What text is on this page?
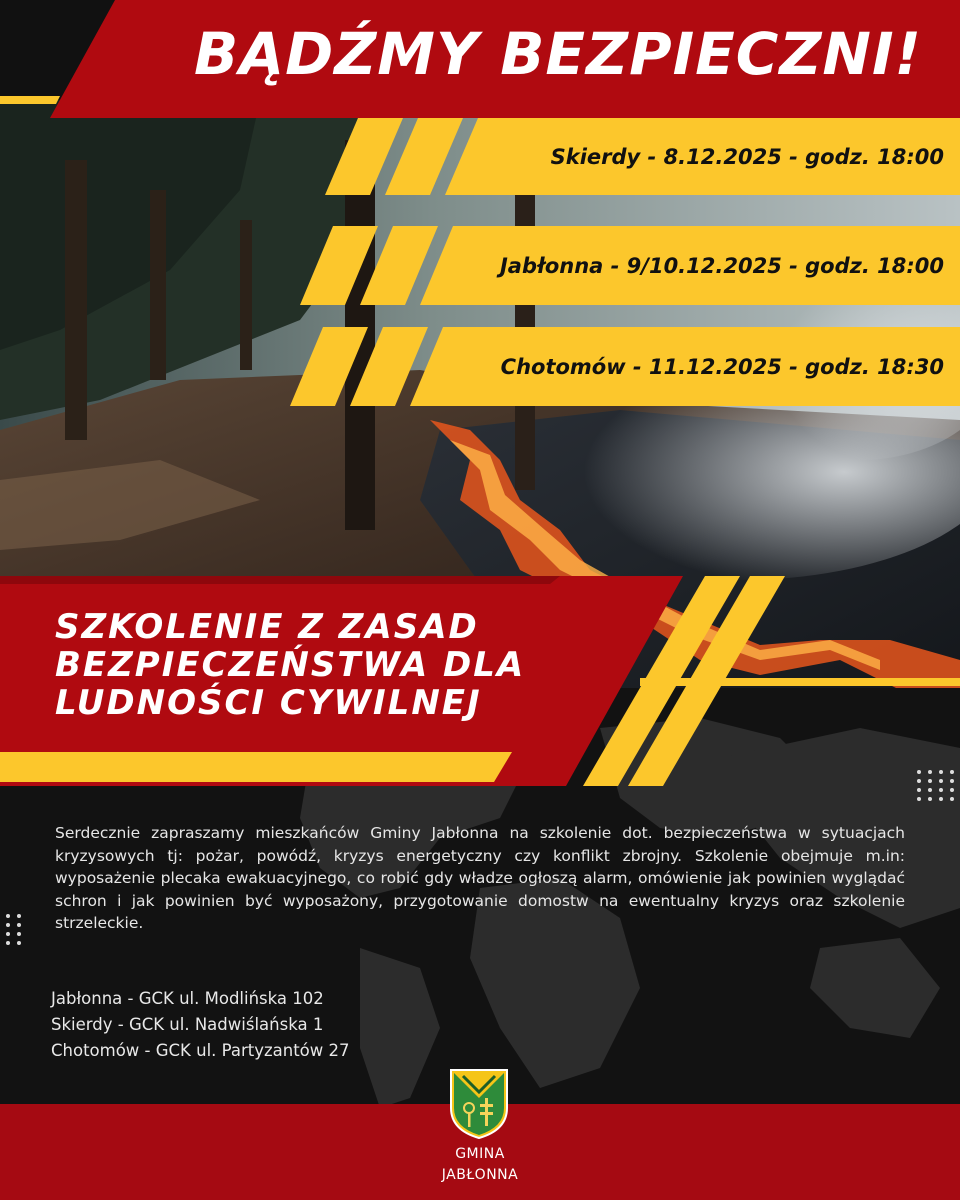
BĄDŹMY BEZPIECZNI!
Skierdy - 8.12.2025 - godz. 18:00
Jabłonna - 9/10.12.2025 - godz. 18:00
Chotomów - 11.12.2025 - godz. 18:30
SZKOLENIE Z ZASAD
BEZPIECZEŃSTWA DLA
LUDNOŚCI CYWILNEJ
Serdecznie zapraszamy mieszkańców Gminy Jabłonna na szkolenie dot. bezpieczeństwa w sytuacjach kryzysowych tj: pożar, powódź, kryzys energetyczny czy konflikt zbrojny. Szkolenie obejmuje m.in: wyposażenie plecaka ewakuacyjnego, co robić gdy władze ogłoszą alarm, omówienie jak powinien wyglądać schron i jak powinien być wyposażony, przygotowanie domostw na ewentualny kryzys oraz szkolenie strzeleckie.
Jabłonna - GCK ul. Modlińska 102
Skierdy - GCK ul. Nadwiślańska 1
Chotomów - GCK ul. Partyzantów 27
GMINA
JABŁONNA
